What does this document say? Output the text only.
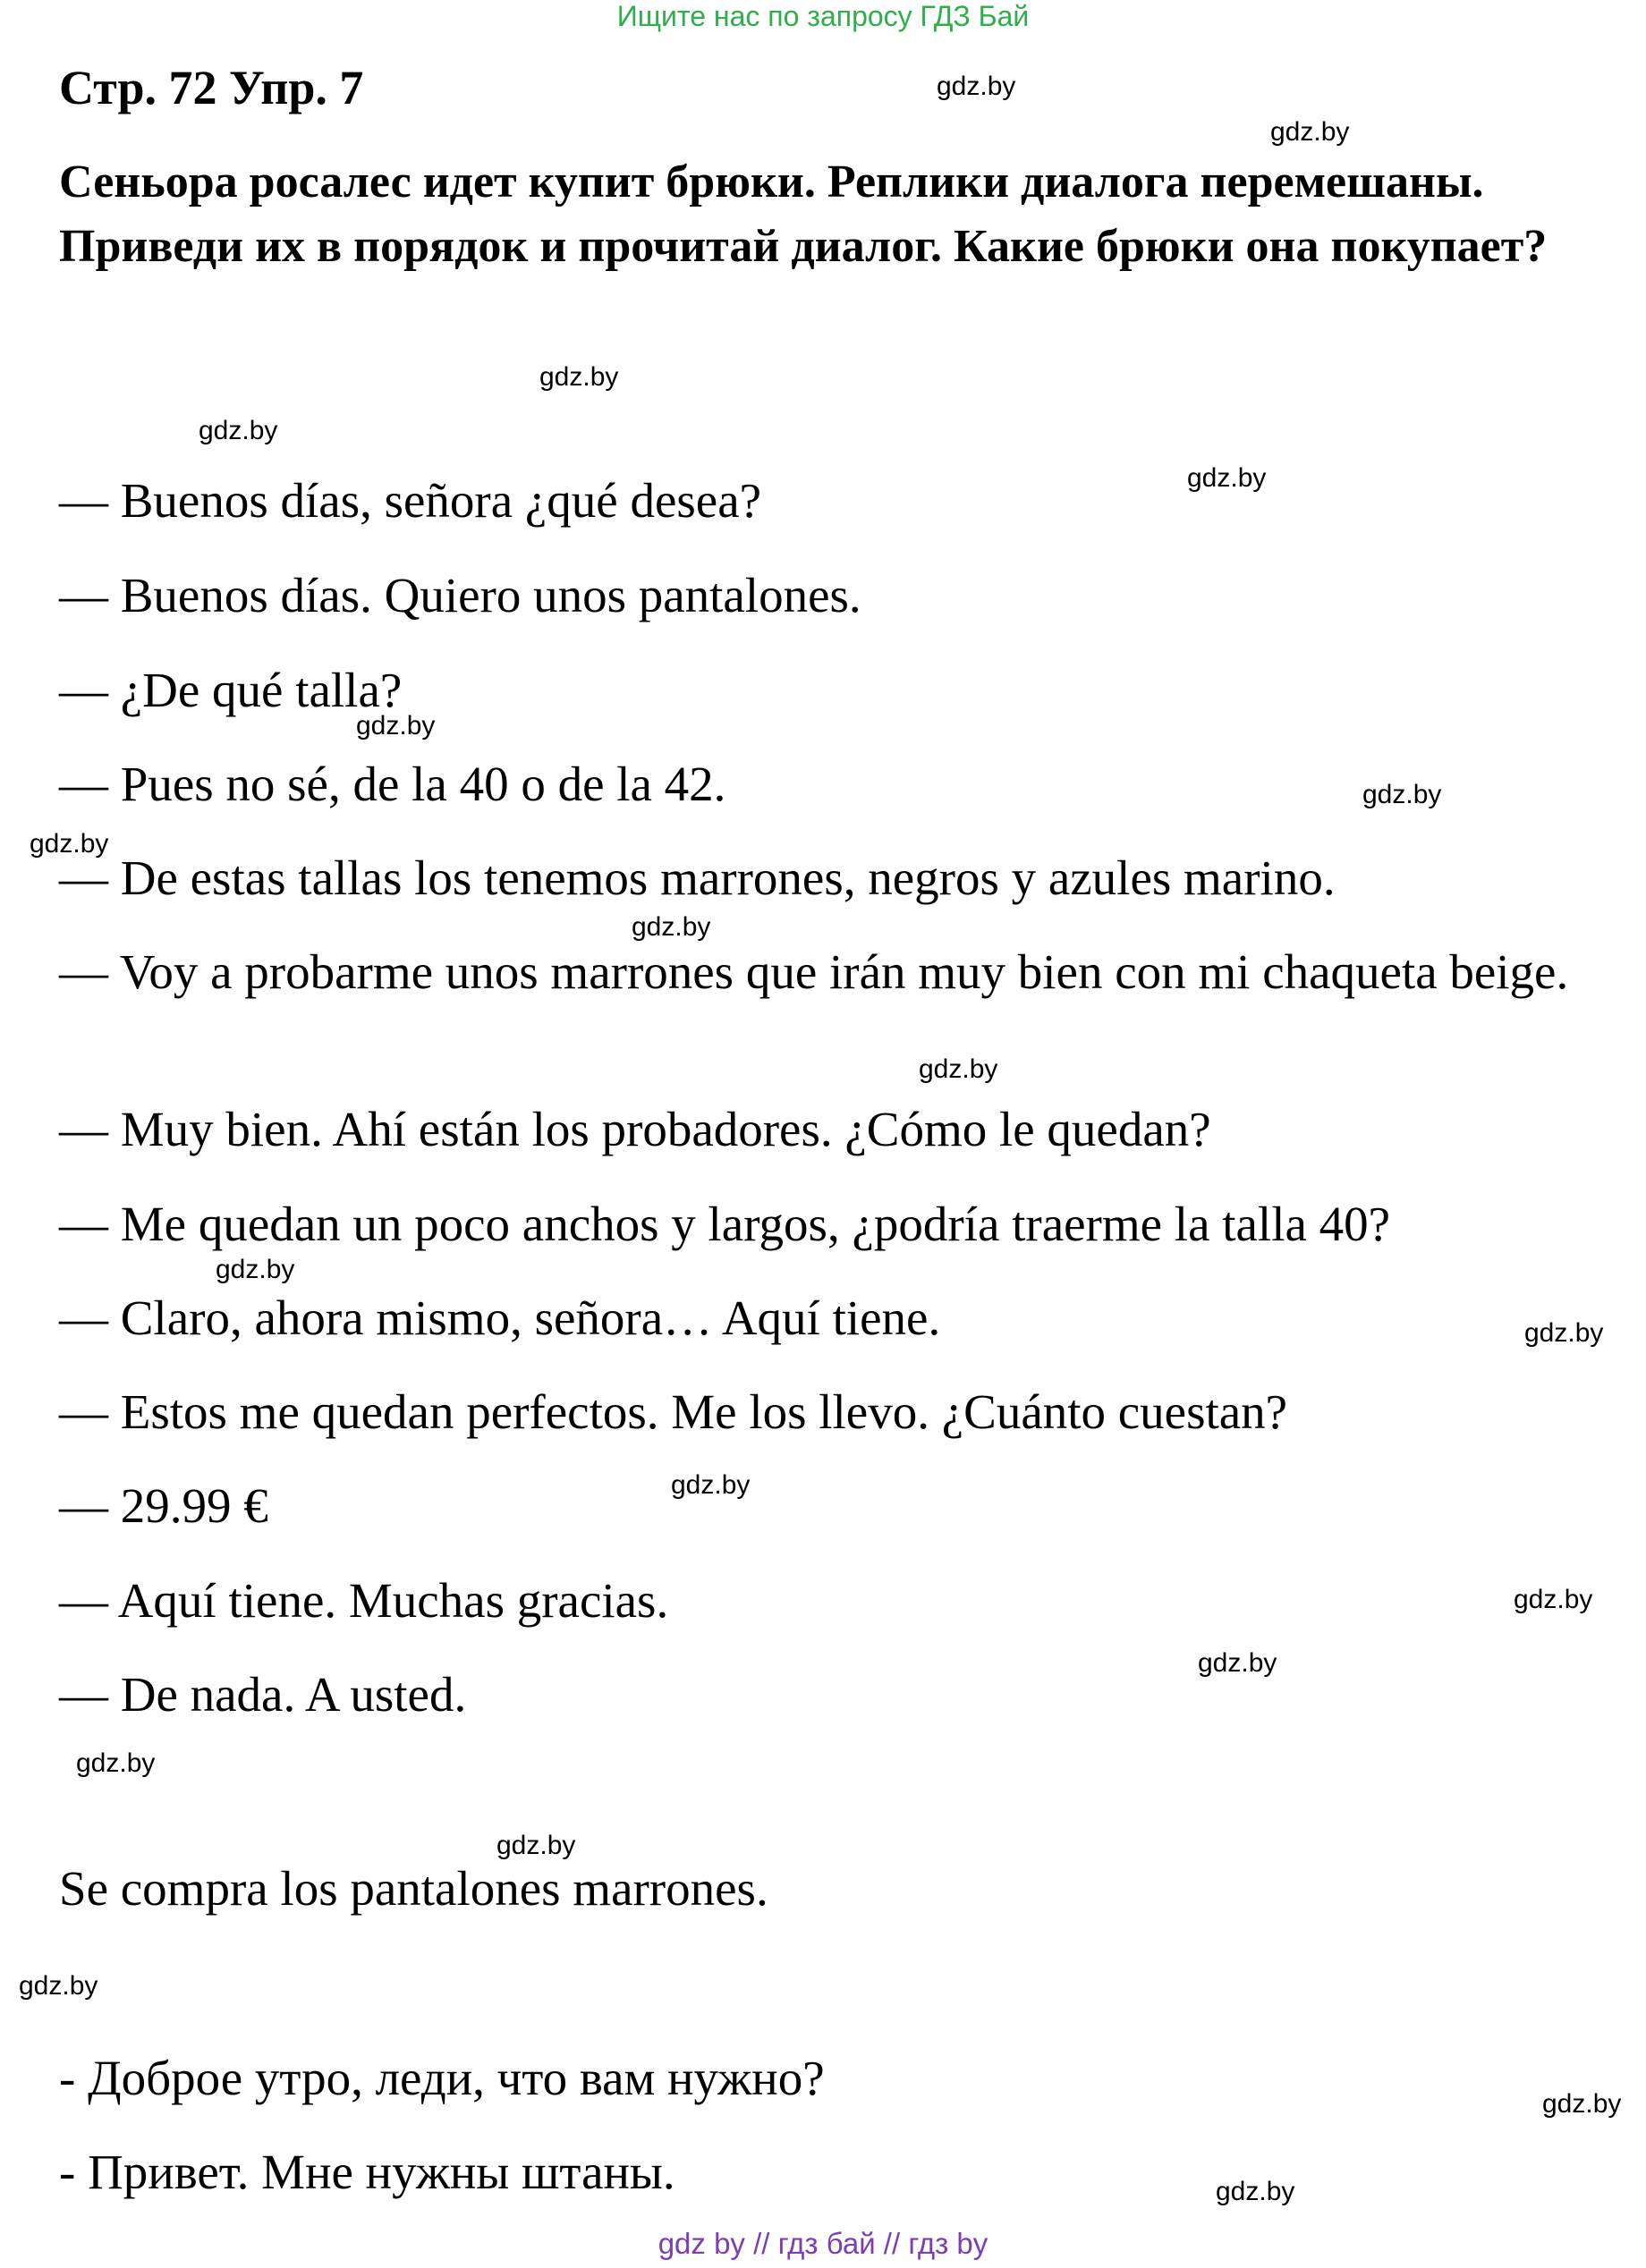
Ищите нас по запросу ГДЗ Бай
Стр. 72 Упр. 7

Сеньора росалес идет купит брюки. Реплики диалога перемешаны. Приведи их в порядок и прочитай диалог. Какие брюки она покупает?

— Buenos días, señora ¿qué desea?
— Buenos días. Quiero unos pantalones.
— ¿De qué talla?
— Pues no sé, de la 40 o de la 42.
— De estas tallas los tenemos marrones, negros y azules marino.
— Voy a probarme unos marrones que irán muy bien con mi chaqueta beige.
— Muy bien. Ahí están los probadores. ¿Cómo le quedan?
— Me quedan un poco anchos y largos, ¿podría traerme la talla 40?
— Claro, ahora mismo, señora… Aquí tiene.
— Estos me quedan perfectos. Me los llevo. ¿Cuánto cuestan?
— 29.99 €
— Aquí tiene. Muchas gracias.
— De nada. A usted.
Se compra los pantalones marrones.
- Доброе утро, леди, что вам нужно?
- Привет. Мне нужны штаны.
gdz.by
gdz.by
gdz.by
gdz.by
gdz.by
gdz.by
gdz.by
gdz.by
gdz.by
gdz.by
gdz.by
gdz.by
gdz.by
gdz.by
gdz.by
gdz.by
gdz.by
gdz.by
gdz.by
gdz.by
gdz by // гдз бай // гдз by
